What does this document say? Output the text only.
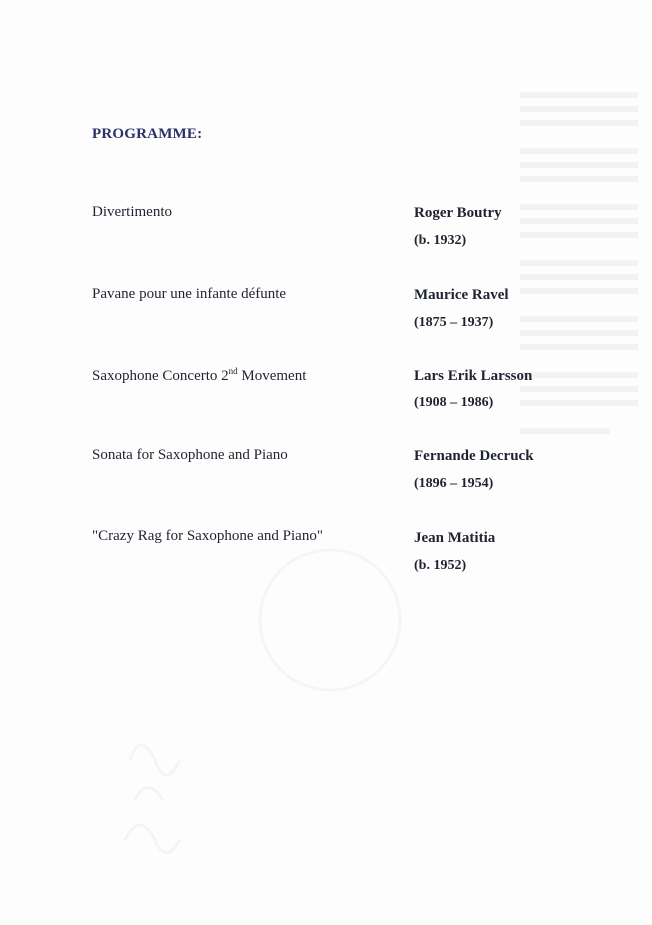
PROGRAMME:
Divertimento	Roger Boutry
(b. 1932)
Pavane pour une infante défunte	Maurice Ravel
(1875 – 1937)
Saxophone Concerto 2nd Movement	Lars Erik Larsson
(1908 – 1986)
Sonata for Saxophone and Piano	Fernande Decruck
(1896 – 1954)
"Crazy Rag for Saxophone and Piano"	Jean Matitia
(b. 1952)
